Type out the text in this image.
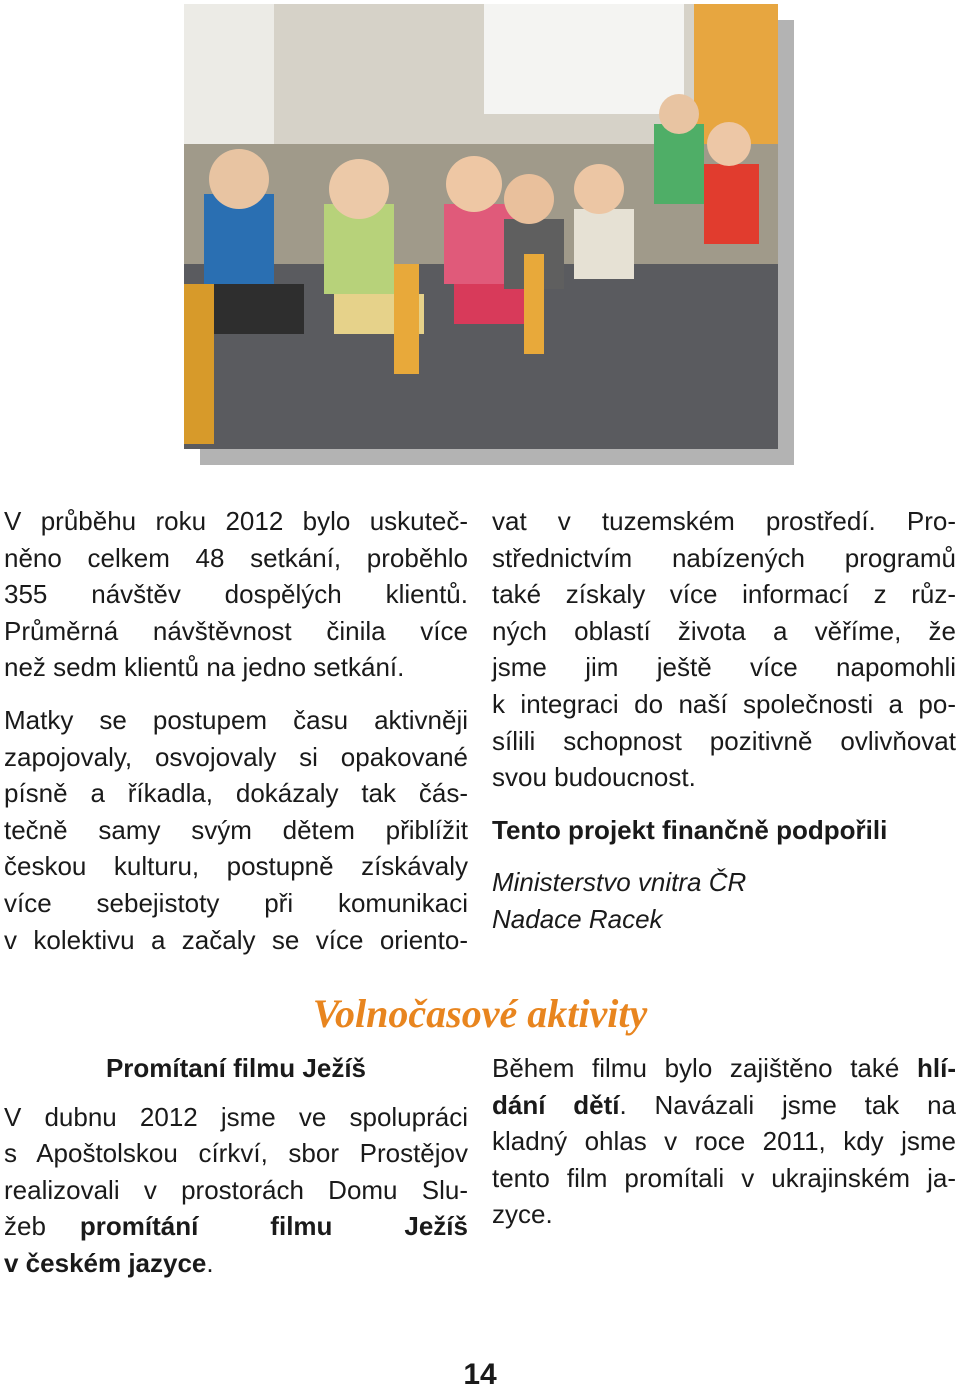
V průběhu roku 2012 bylo uskuteč-
něno celkem 48 setkání, proběhlo
355 návštěv dospělých klientů.
Průměrná návštěvnost činila více
než sedm klientů na jedno setkání.

Matky se postupem času aktivněji
zapojovaly, osvojovaly si opakované
písně a říkadla, dokázaly tak čás-
tečně samy svým dětem přiblížit
českou kulturu, postupně získávaly
více sebejistoty při komunikaci
v kolektivu a začaly se více oriento-

vat v tuzemském prostředí. Pro-
střednictvím nabízených programů
také získaly více informací z růz-
ných oblastí života a věříme, že
jsme jim ještě více napomohli
k integraci do naší společnosti a po-
sílili schopnost pozitivně ovlivňovat
svou budoucnost.

Tento projekt finančně podpořili

Ministerstvo vnitra ČR

Nadace Racek

Volnočasové aktivity

Promítaní filmu Ježíš

V dubnu 2012 jsme ve spolupráci
s Apoštolskou církví, sbor Prostějov
realizovali v prostorách Domu Slu-
žeb promítání filmu Ježíš
v českém jazyce.

Během filmu bylo zajištěno také hlí-
dání dětí. Navázali jsme tak na
kladný ohlas v roce 2011, kdy jsme
tento film promítali v ukrajinském ja-
zyce.

14
